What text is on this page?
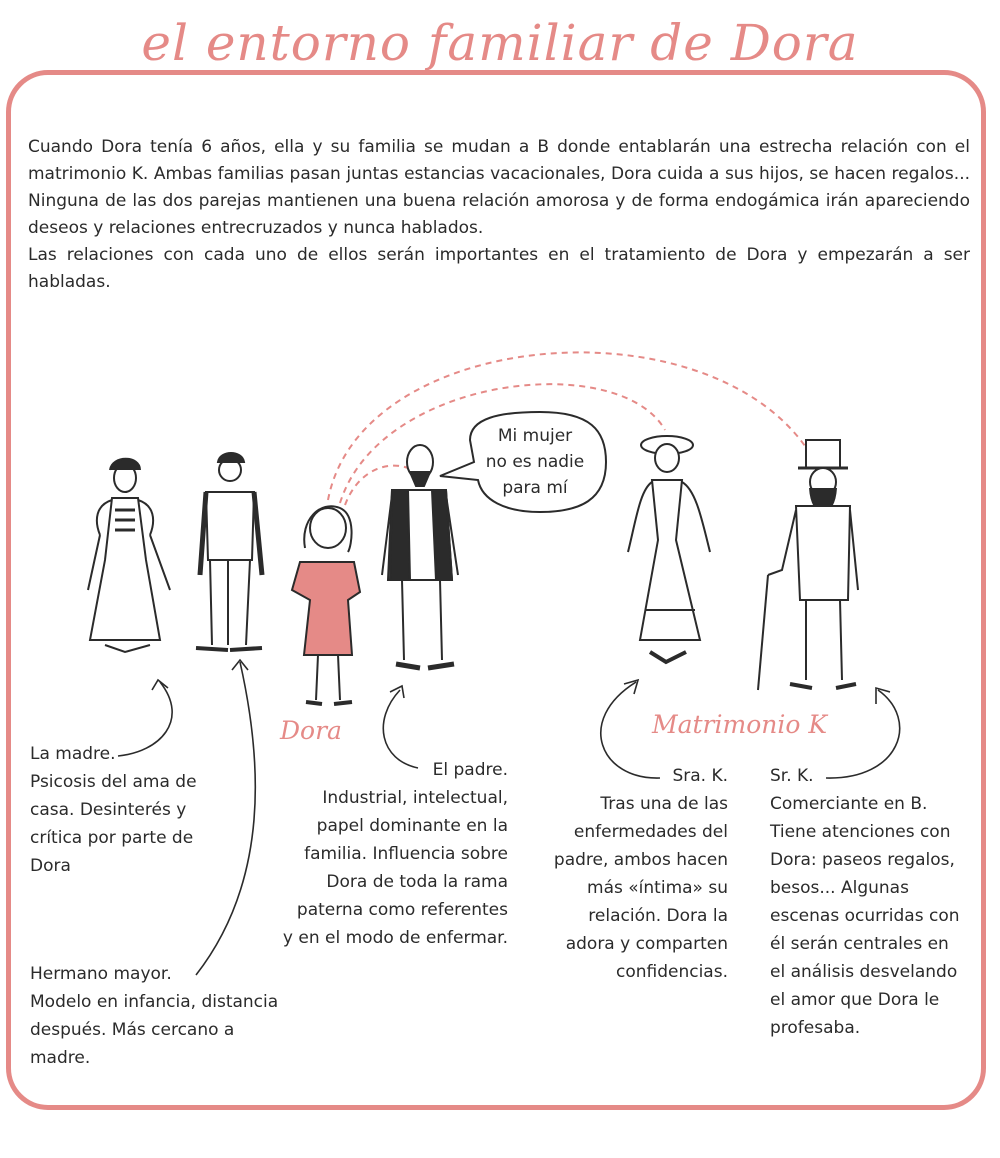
el entorno familiar de Dora

Cuando Dora tenía 6 años, ella y su familia se mudan a B donde entablarán una estrecha relación con el matrimonio K. Ambas familias pasan juntas estancias vacacionales, Dora cuida a sus hijos, se hacen regalos... Ninguna de las dos parejas mantienen una buena relación amorosa y de forma endogámica irán apareciendo deseos y relaciones entrecruzados y nunca hablados.

Las relaciones con cada uno de ellos serán importantes en el tratamiento de Dora y empezarán a ser habladas.

Mi mujer
no es nadie
para mí
Dora	Matrimonio K
La madre.
Psicosis del ama de
casa. Desinterés y
crítica por parte de
Dora
Hermano mayor.
Modelo en infancia, distancia
después. Más cercano a
madre.
El padre.
Industrial, intelectual,
papel dominante en la
familia. Influencia sobre
Dora de toda la rama
paterna como referentes
y en el modo de enfermar.
Sra. K.
Tras una de las
enfermedades del
padre, ambos hacen
más «íntima» su
relación. Dora la
adora y comparten
confidencias.
Sr. K.
Comerciante en B.
Tiene atenciones con
Dora: paseos regalos,
besos... Algunas
escenas ocurridas con
él serán centrales en
el análisis desvelando
el amor que Dora le
profesaba.
